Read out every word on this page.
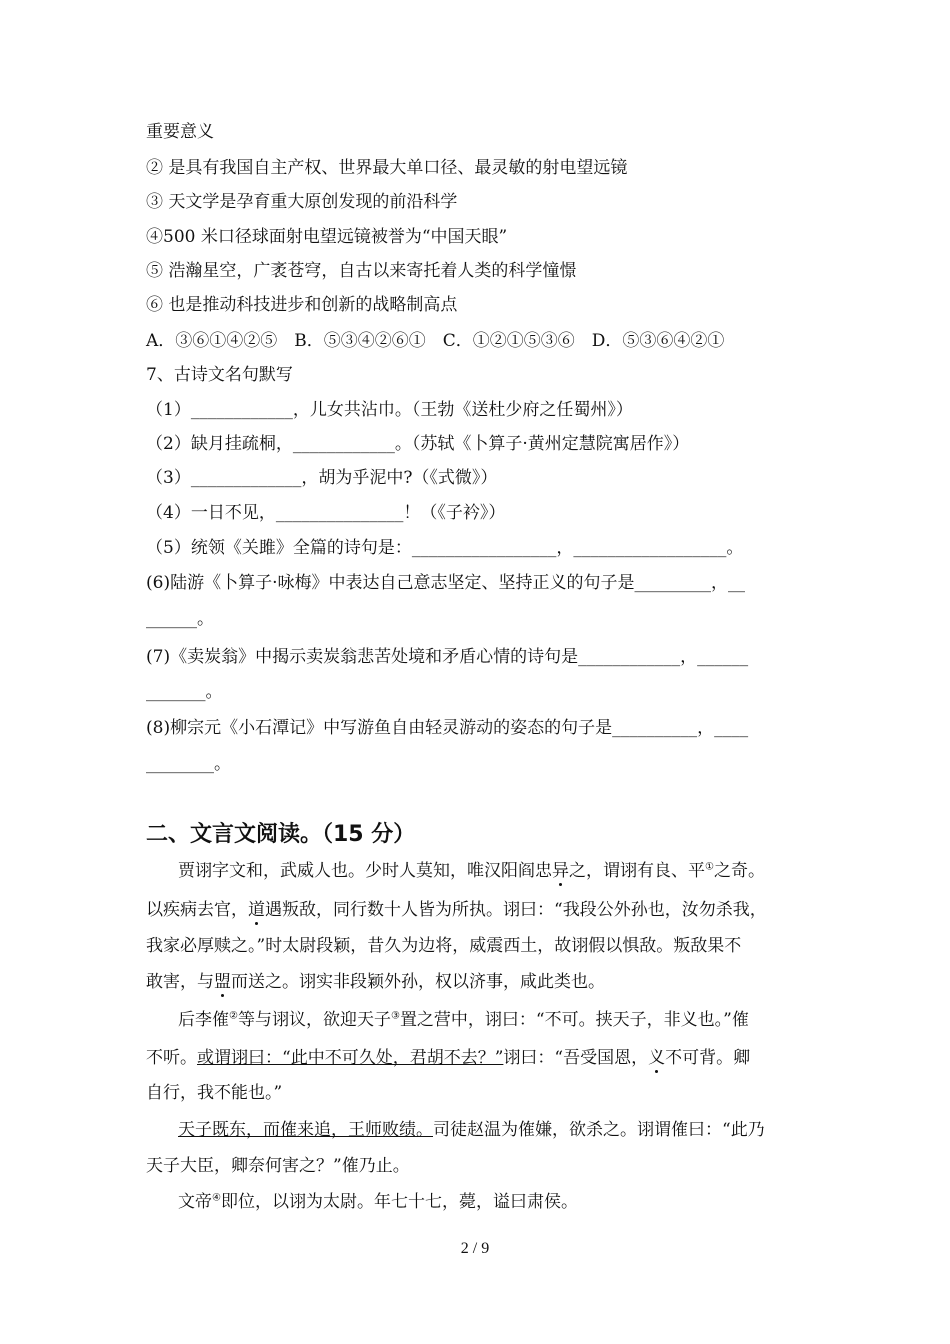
重要意义
② 是具有我国自主产权、世界最大单口径、最灵敏的射电望远镜
③ 天文学是孕育重大原创发现的前沿科学
④500 米口径球面射电望远镜被誉为“中国天眼”
⑤ 浩瀚星空，广袤苍穹，自古以来寄托着人类的科学憧憬
⑥ 也是推动科技进步和创新的战略制高点
A．③⑥①④②⑤　B．⑤③④②⑥①　C．①②①⑤③⑥　D．⑤③⑥④②①
7、古诗文名句默写
（1）____________，儿女共沾巾。（王勃《送杜少府之任蜀州》）
（2）缺月挂疏桐，____________。（苏轼《卜算子·黄州定慧院寓居作》）
（3）_____________，胡为乎泥中?（《式微》）
（4）一日不见，_______________！（《子衿》）
（5）统领《关雎》全篇的诗句是：_________________，__________________。
(6)陆游《卜算子·咏梅》中表达自己意志坚定、坚持正义的句子是_________，__
______。
(7)《卖炭翁》中揭示卖炭翁悲苦处境和矛盾心情的诗句是____________，______
_______。
(8)柳宗元《小石潭记》中写游鱼自由轻灵游动的姿态的句子是__________，____
________。
二、文言文阅读。（15 分）
贾诩字文和，武威人也。少时人莫知，唯汉阳阎忠异之，谓诩有良、平①之奇。
以疾病去官，道遇叛敌，同行数十人皆为所执。诩曰：“我段公外孙也，汝勿杀我，
我家必厚赎之。”时太尉段颖，昔久为边将，威震西土，故诩假以惧敌。叛敌果不
敢害，与盟而送之。诩实非段颖外孙，权以济事，咸此类也。
后李傕②等与诩议，欲迎天子③置之营中，诩曰：“不可。挟天子，非义也。”傕
不听。或谓诩曰：“此中不可久处，君胡不去？”诩曰：“吾受国恩，义不可背。卿
自行，我不能也。”
天子既东，而傕来追，王师败绩。司徒赵温为傕嫌，欲杀之。诩谓傕曰：“此乃
天子大臣，卿奈何害之？”傕乃止。
文帝④即位，以诩为太尉。年七十七，薨，谥曰肃侯。
2 / 9
